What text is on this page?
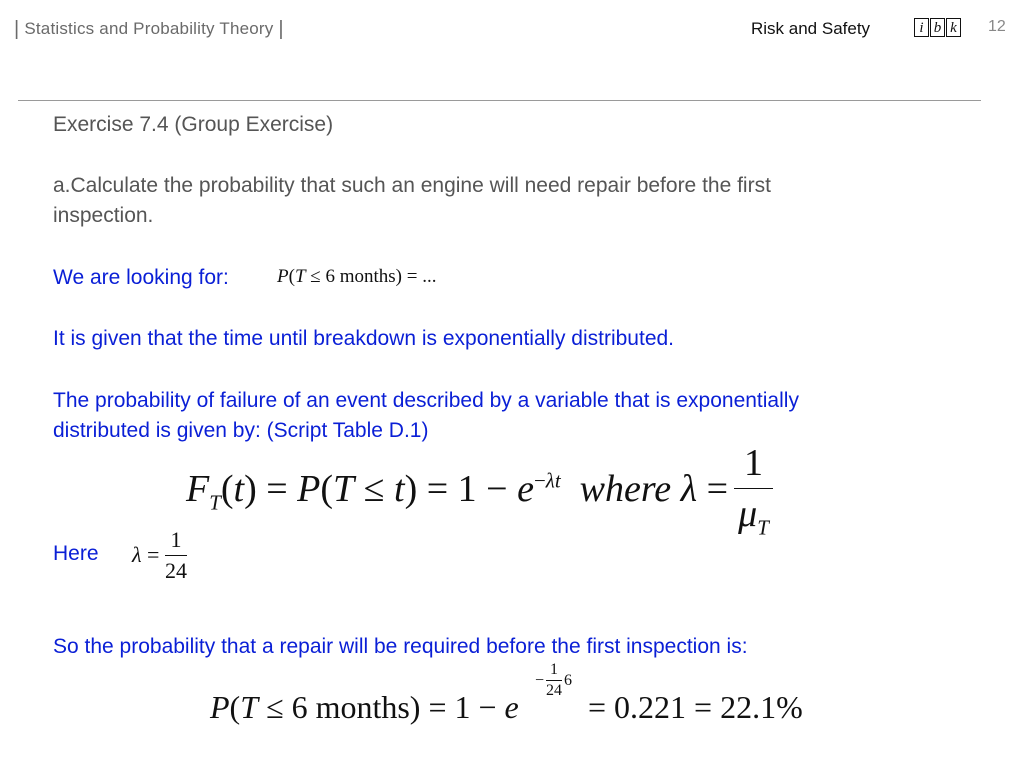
| Statistics and Probability Theory |	Risk and Safety	i b k 12
Exercise 7.4 (Group Exercise)
a.Calculate the probability that such an engine will need repair before the first
inspection.
We are looking for:	P(T ≤ 6 months) = ...
It is given that the time until breakdown is exponentially distributed.
The probability of failure of an event described by a variable that is exponentially
distributed is given by: (Script Table D.1)
$F_T(t) = P(T \le t) = 1 - e^{-\lambda t}$ where $\lambda = \frac{1}{\mu_T}$
Here $\lambda = \frac{1}{24}$
So the probability that a repair will be required before the first inspection is:
P(T ≤ 6 months) = 1 − e
− $\frac{1}{24} 6$
= 0.221 = 22.1%
